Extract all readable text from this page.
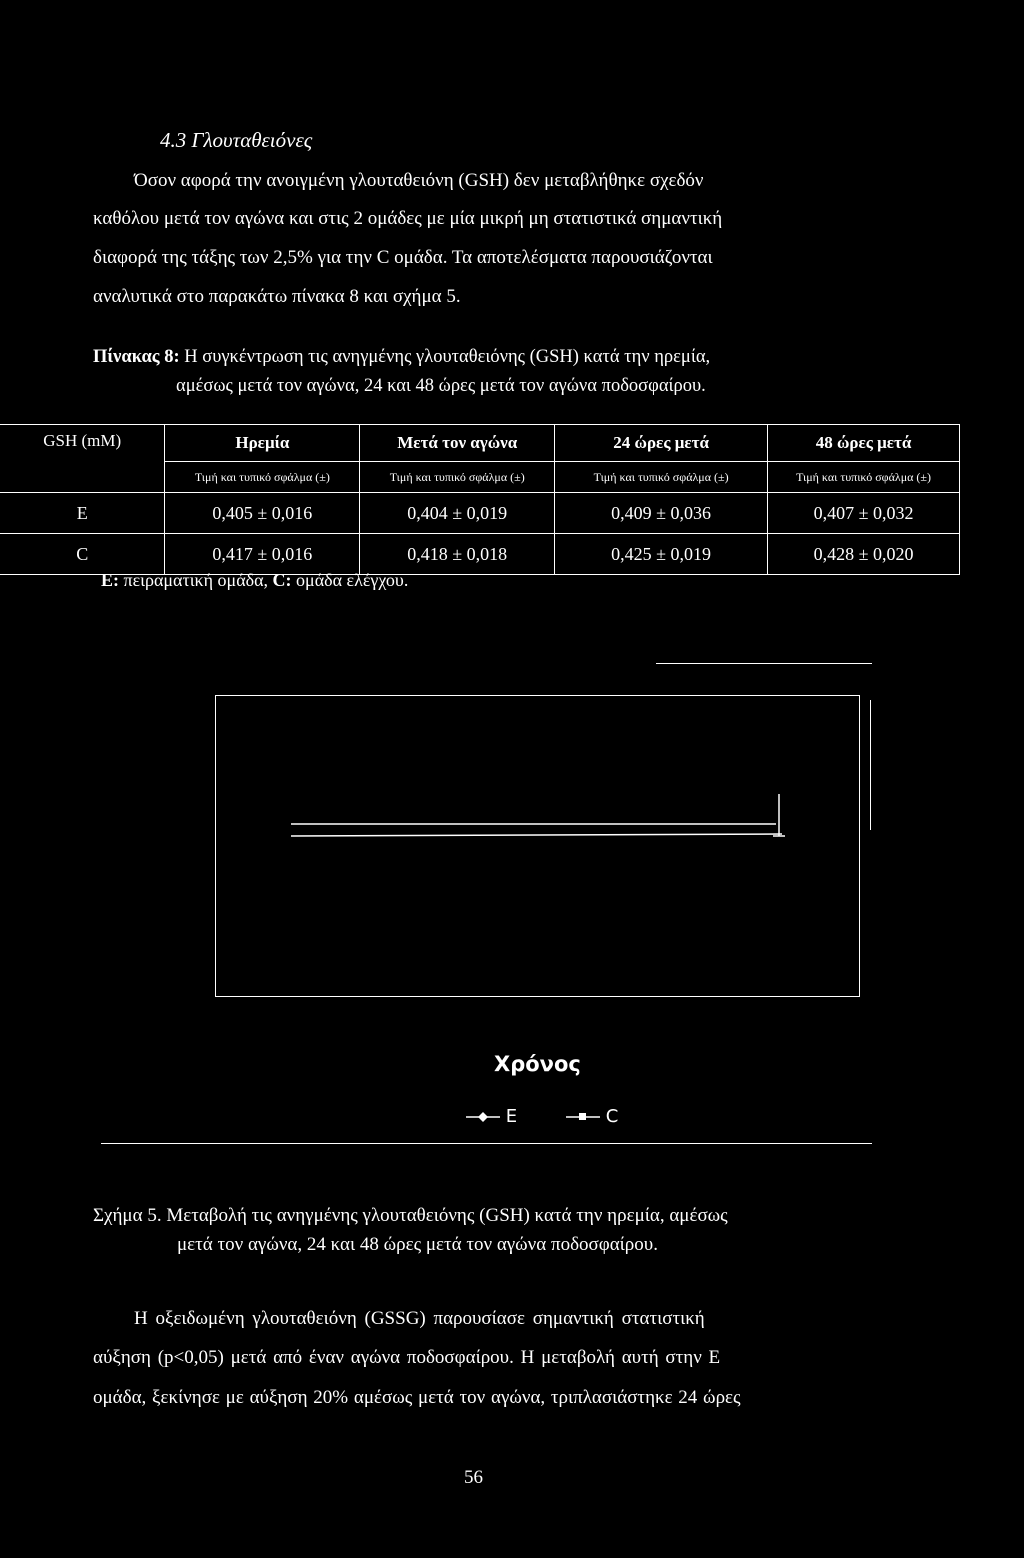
4.3 Γλουταθειόνες
Όσον αφορά την ανοιγμένη γλουταθειόνη (GSH) δεν μεταβλήθηκε σχεδόν
καθόλου μετά τον αγώνα και στις 2 ομάδες με μία μικρή μη στατιστικά σημαντική
διαφορά της τάξης των 2,5% για την C ομάδα. Τα αποτελέσματα παρουσιάζονται
αναλυτικά στο παρακάτω πίνακα 8 και σχήμα 5.
Πίνακας 8: Η συγκέντρωση τις ανηγμένης γλουταθειόνης (GSH) κατά την ηρεμία,
αμέσως μετά τον αγώνα, 24 και 48 ώρες μετά τον αγώνα ποδοσφαίρου.
GSH (mM)	Ηρεμία	Μετά τον αγώνα	24 ώρες μετά	48 ώρες μετά
	Τιμή και τυπικό σφάλμα (±)	Τιμή και τυπικό σφάλμα (±)	Τιμή και τυπικό σφάλμα (±)	Τιμή και τυπικό σφάλμα (±)
E	0,405 ± 0,016	0,404 ± 0,019	0,409 ± 0,036	0,407 ± 0,032
C	0,417 ± 0,016	0,418 ± 0,018	0,425 ± 0,019	0,428 ± 0,020
E: πειραματική ομάδα, C: ομάδα ελέγχου.
Χρόνος
E	C
Σχήμα 5. Μεταβολή τις ανηγμένης γλουταθειόνης (GSH) κατά την ηρεμία, αμέσως
μετά τον αγώνα, 24 και 48 ώρες μετά τον αγώνα ποδοσφαίρου.
Η οξειδωμένη γλουταθειόνη (GSSG) παρουσίασε σημαντική στατιστική
αύξηση (p<0,05) μετά από έναν αγώνα ποδοσφαίρου. Η μεταβολή αυτή στην E
ομάδα, ξεκίνησε με αύξηση 20% αμέσως μετά τον αγώνα, τριπλασιάστηκε 24 ώρες
56
